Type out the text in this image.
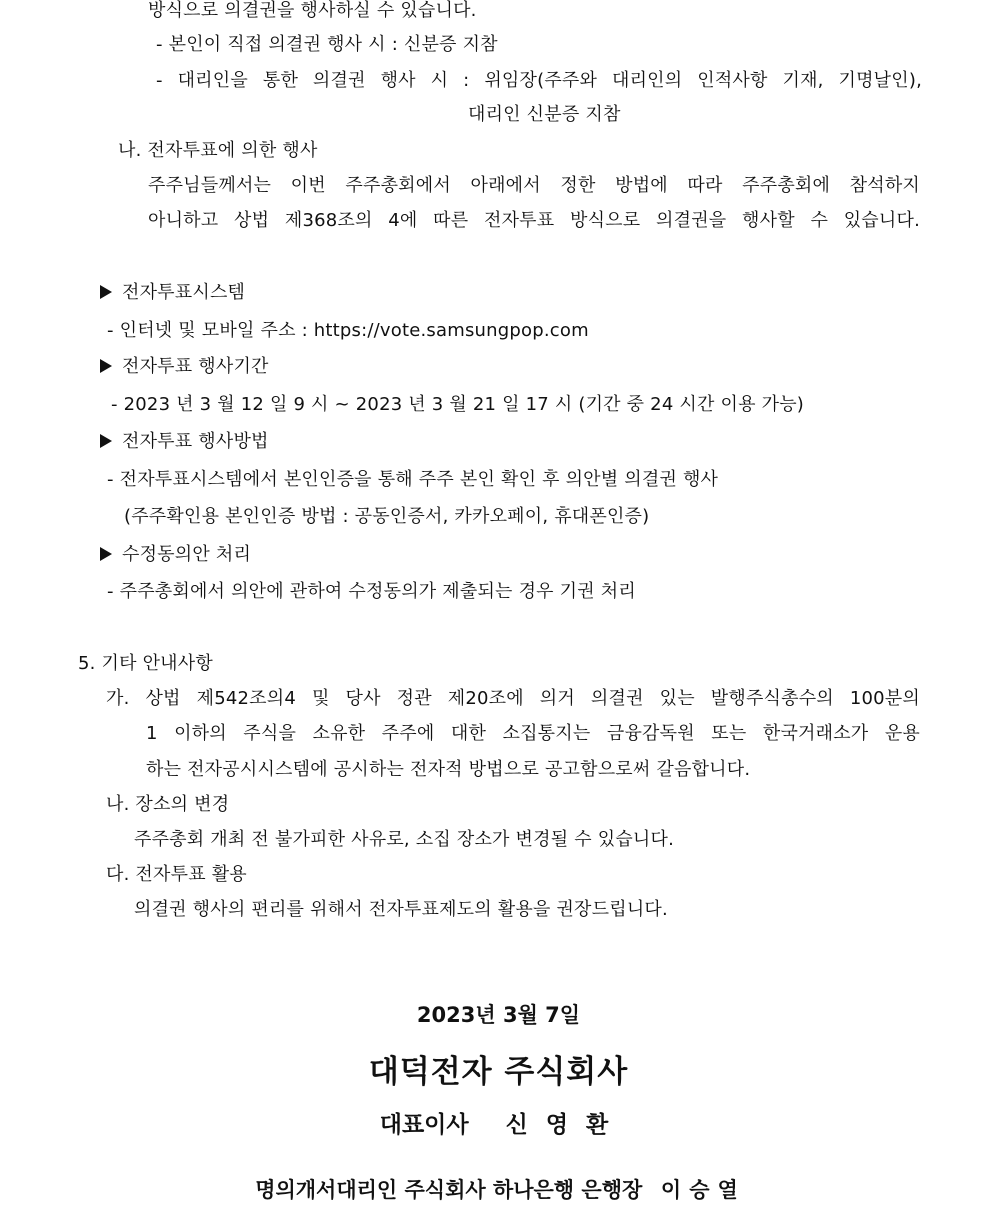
방식으로 의결권을 행사하실 수 있습니다.
- 본인이 직접 의결권 행사 시 : 신분증 지참
- 대리인을 통한 의결권 행사 시 : 위임장(주주와 대리인의 인적사항 기재, 기명날인),
대리인 신분증 지참
나. 전자투표에 의한 행사
주주님들께서는 이번 주주총회에서 아래에서 정한 방법에 따라 주주총회에 참석하지
아니하고 상법 제368조의 4에 따른 전자투표 방식으로 의결권을 행사할 수 있습니다.
전자투표시스템
- 인터넷 및 모바일 주소 : https://vote.samsungpop.com
전자투표 행사기간
- 2023 년 3 월 12 일 9 시 ~ 2023 년 3 월 21 일 17 시 (기간 중 24 시간 이용 가능)
전자투표 행사방법
- 전자투표시스템에서 본인인증을 통해 주주 본인 확인 후 의안별 의결권 행사
(주주확인용 본인인증 방법 : 공동인증서, 카카오페이, 휴대폰인증)
수정동의안 처리
- 주주총회에서 의안에 관하여 수정동의가 제출되는 경우 기권 처리
5. 기타 안내사항
가. 상법 제542조의4 및 당사 정관 제20조에 의거 의결권 있는 발행주식총수의 100분의
1 이하의 주식을 소유한 주주에 대한 소집통지는 금융감독원 또는 한국거래소가 운용
하는 전자공시시스템에 공시하는 전자적 방법으로 공고함으로써 갈음합니다.
나. 장소의 변경
주주총회 개최 전 불가피한 사유로, 소집 장소가 변경될 수 있습니다.
다. 전자투표 활용
의결권 행사의 편리를 위해서 전자투표제도의 활용을 권장드립니다.
2023년 3월 7일
대덕전자 주식회사
대표이사 신 영 환
명의개서대리인 주식회사 하나은행 은행장 이 승 열
